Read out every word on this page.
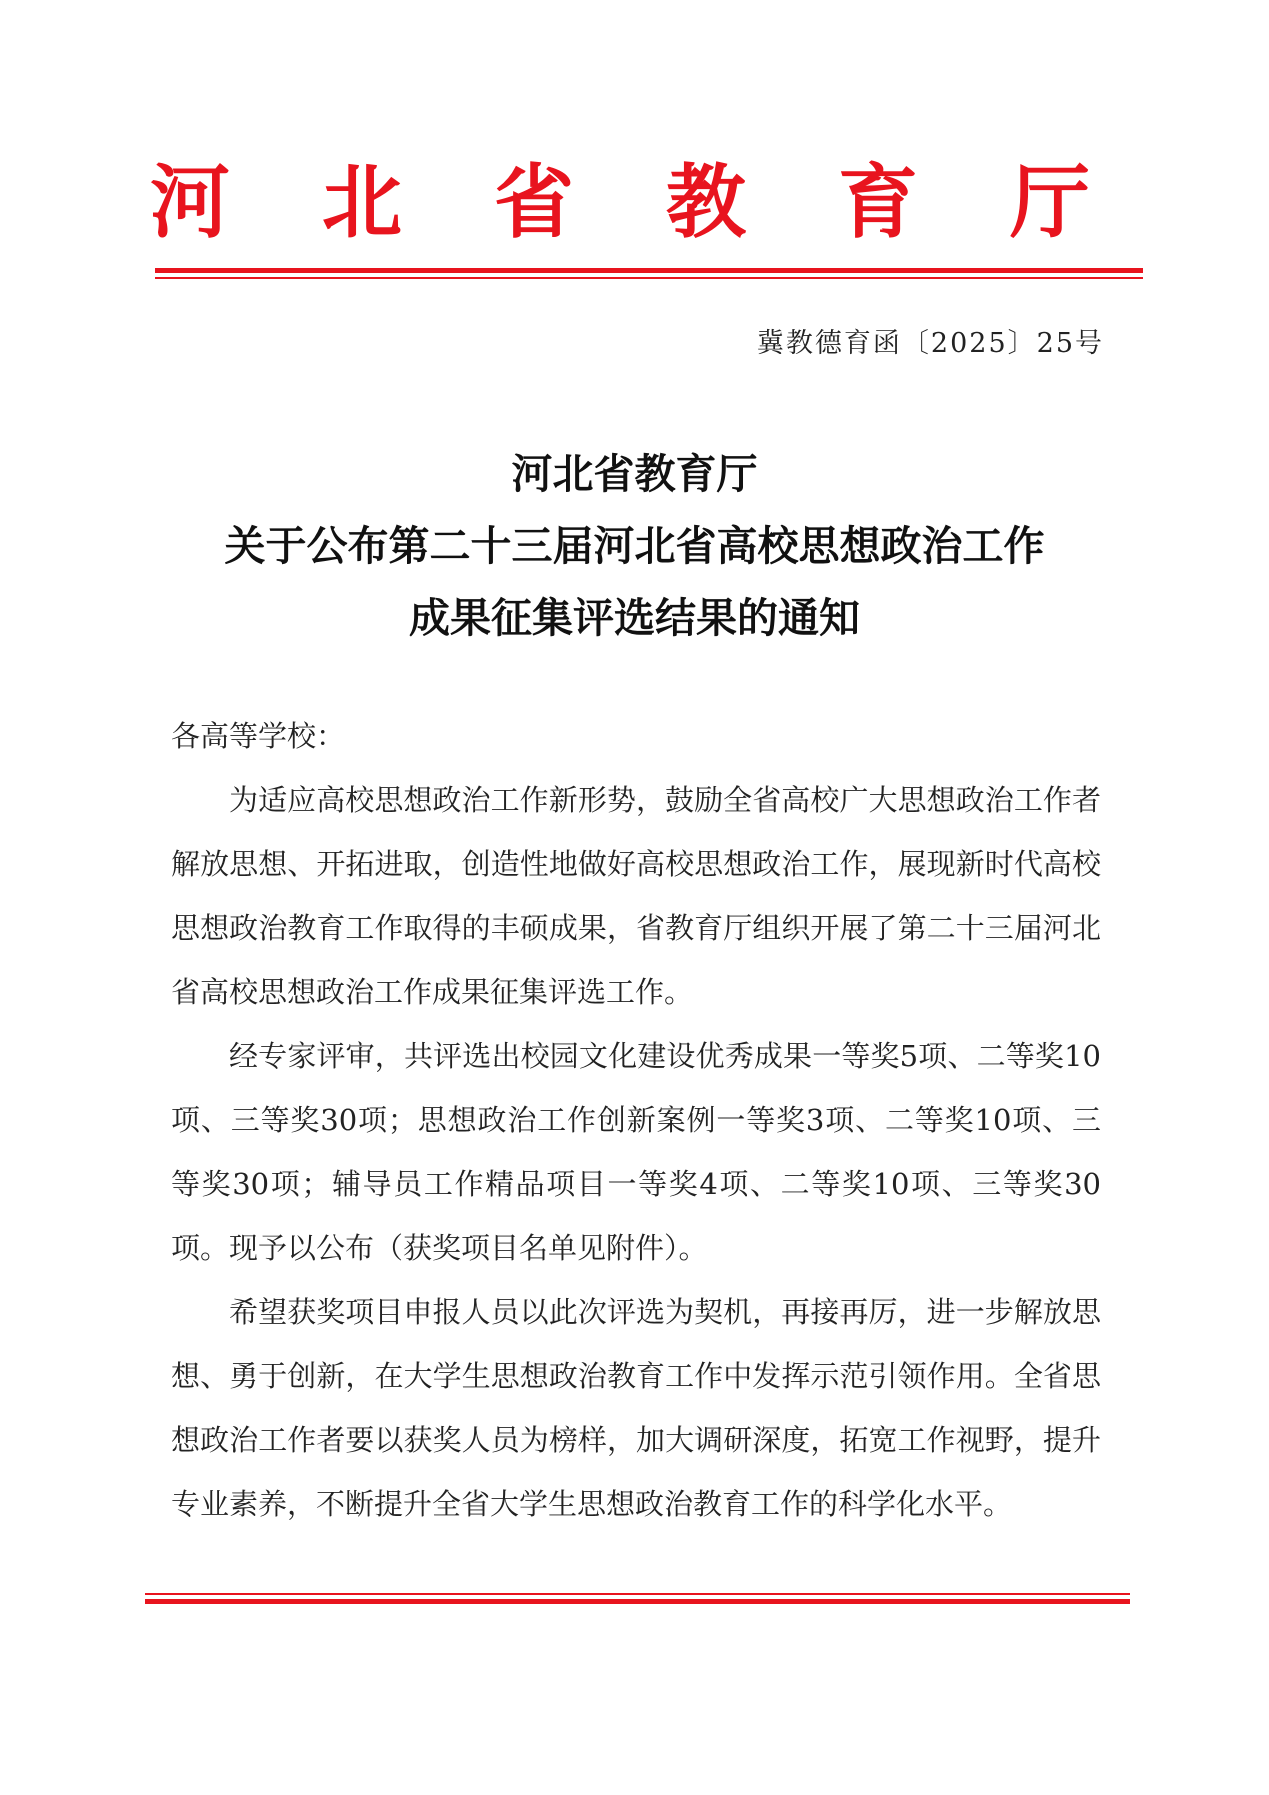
河 北 省 教 育 厅
冀教德育函〔2025〕25号
河北省教育厅
关于公布第二十三届河北省高校思想政治工作
成果征集评选结果的通知

各高等学校：

为适应高校思想政治工作新形势，鼓励全省高校广大思想政治工作者解放思想、开拓进取，创造性地做好高校思想政治工作，展现新时代高校思想政治教育工作取得的丰硕成果，省教育厅组织开展了第二十三届河北省高校思想政治工作成果征集评选工作。

经专家评审，共评选出校园文化建设优秀成果一等奖5项、二等奖10项、三等奖30项；思想政治工作创新案例一等奖3项、二等奖10项、三等奖30项；辅导员工作精品项目一等奖4项、二等奖10项、三等奖30项。现予以公布（获奖项目名单见附件）。

希望获奖项目申报人员以此次评选为契机，再接再厉，进一步解放思想、勇于创新，在大学生思想政治教育工作中发挥示范引领作用。全省思想政治工作者要以获奖人员为榜样，加大调研深度，拓宽工作视野，提升专业素养，不断提升全省大学生思想政治教育工作的科学化水平。
